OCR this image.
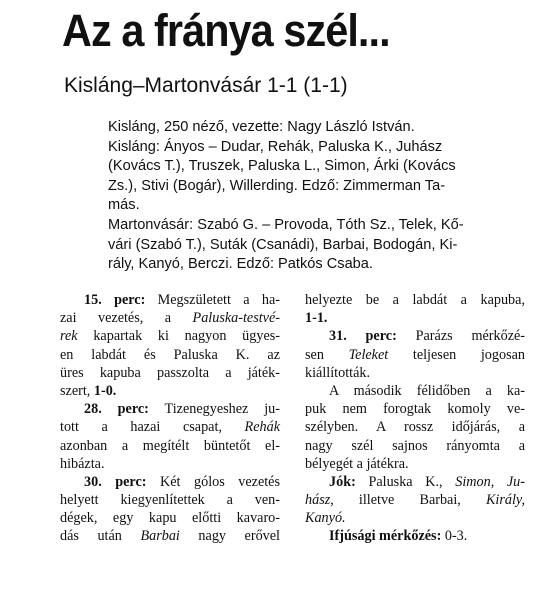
Az a fránya szél...
Kisláng–Martonvásár 1-1 (1-1)
Kisláng, 250 néző, vezette: Nagy László István.
Kisláng: Ányos – Dudar, Rehák, Paluska K., Juhász
(Kovács T.), Truszek, Paluska L., Simon, Árki (Kovács
Zs.), Stivi (Bogár), Willerding. Edző: Zimmerman Ta-
más.
Martonvásár: Szabó G. – Provoda, Tóth Sz., Telek, Kő-
vári (Szabó T.), Suták (Csanádi), Barbai, Bodogán, Ki-
rály, Kanyó, Berczi. Edző: Patkós Csaba.
15. perc: Megszületett a ha-
zai vezetés, a Paluska-testvé-
rek kapartak ki nagyon ügyes-
en labdát és Paluska K. az
üres kapuba passzolta a játék-
szert, 1-0.
28. perc: Tizenegyeshez ju-
tott a hazai csapat, Rehák
azonban a megítélt büntetőt el-
hibázta.
30. perc: Két gólos vezetés
helyett kiegyenlítettek a ven-
dégek, egy kapu előtti kavaro-
dás után Barbai nagy erővel
helyezte be a labdát a kapuba,
1-1.
31. perc: Parázs mérkőzé-
sen Teleket teljesen jogosan
kiállították.
A második félidőben a ka-
puk nem forogtak komoly ve-
szélyben. A rossz időjárás, a
nagy szél sajnos rányomta a
bélyegét a játékra.
Jók: Paluska K., Simon, Ju-
hász, illetve Barbai, Király,
Kanyó.
Ifjúsági mérkőzés: 0-3.
